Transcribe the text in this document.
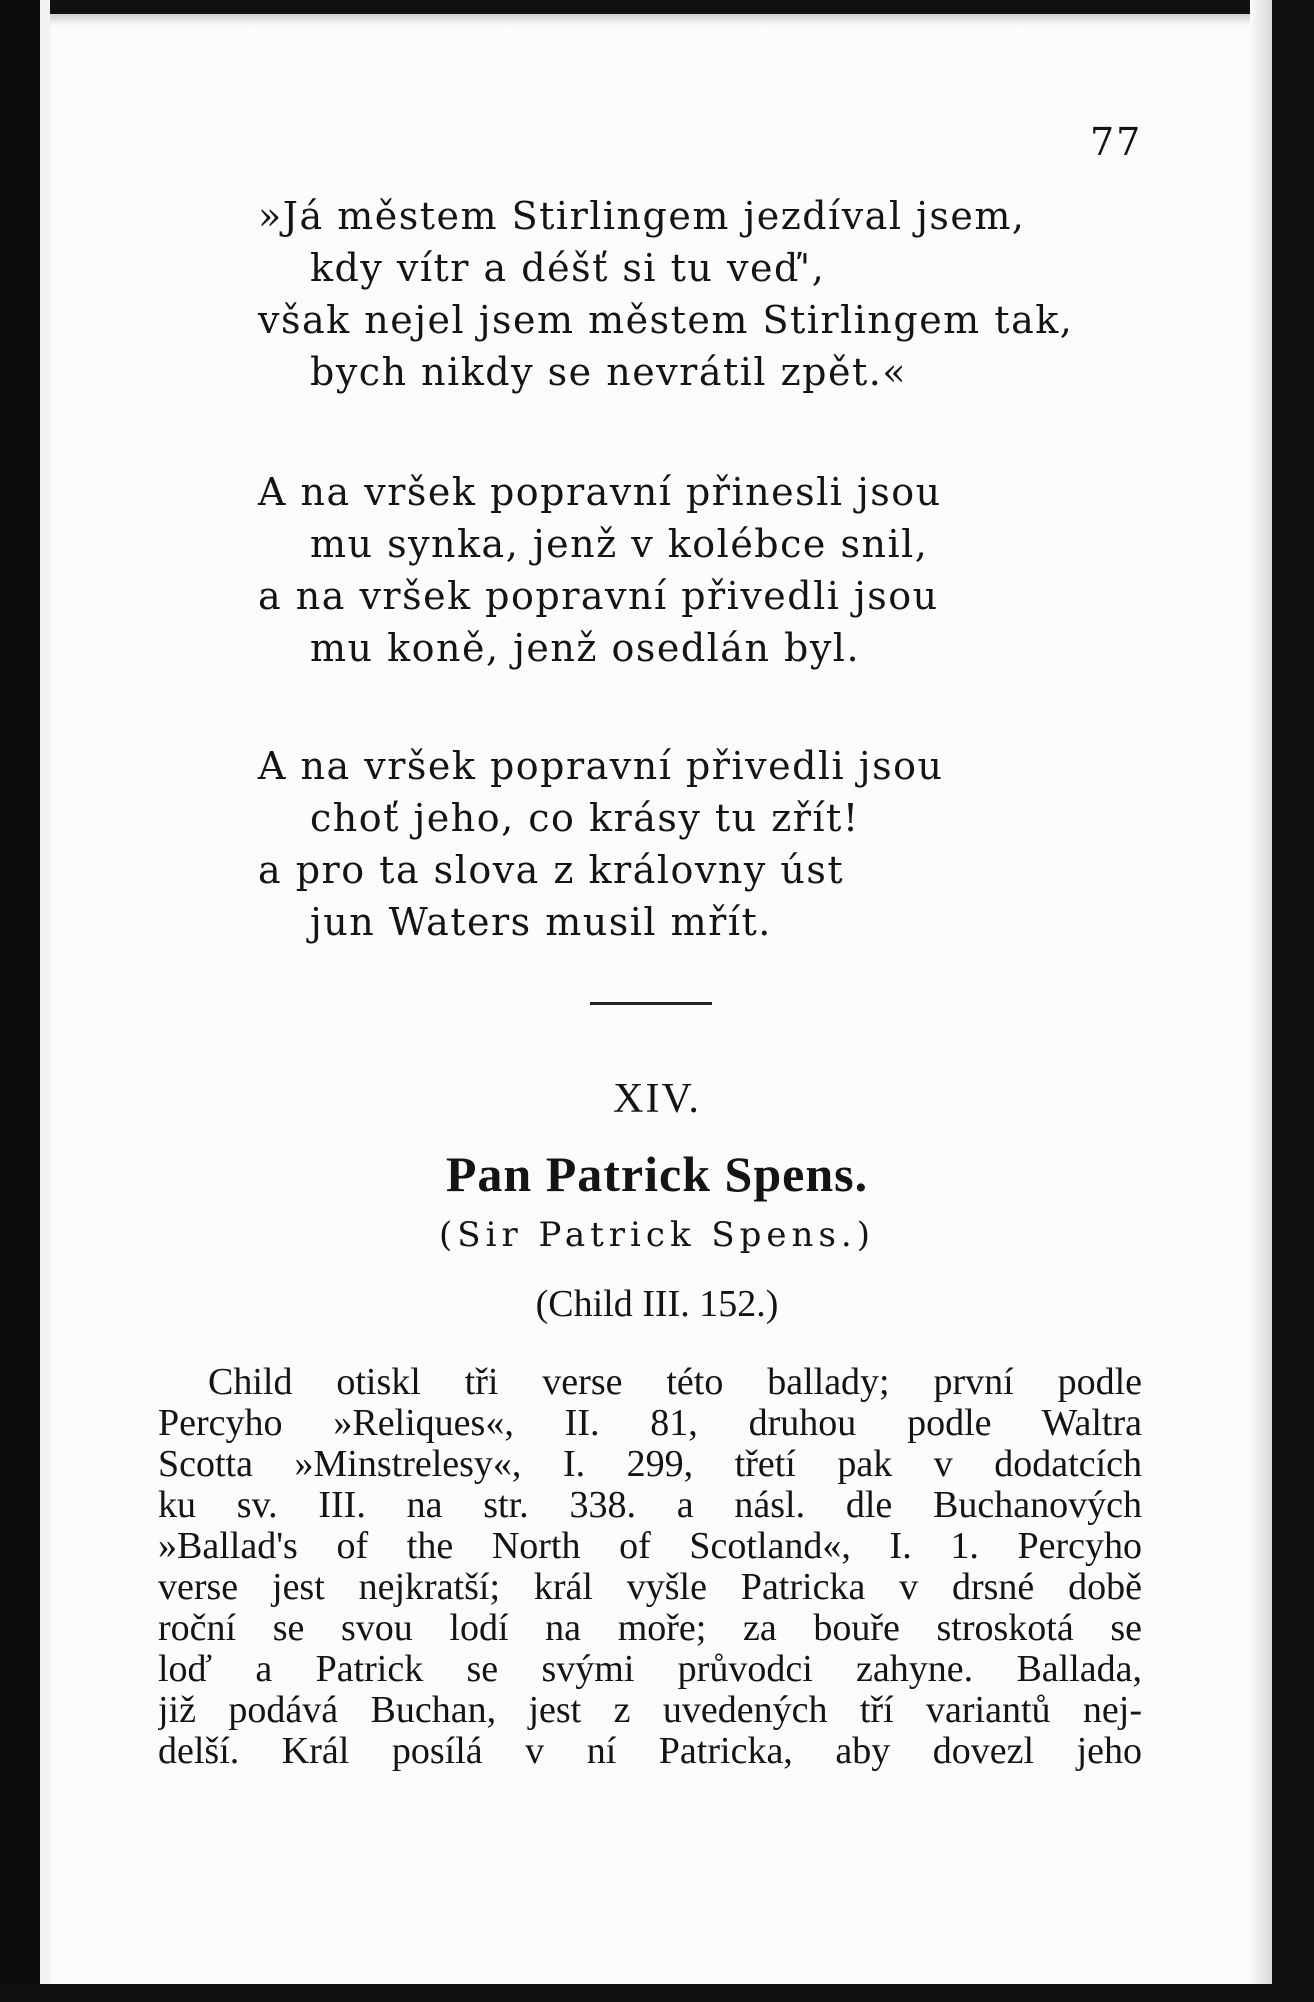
77
»Já městem Stirlingem jezdíval jsem,
kdy vítr a déšť si tu veď',
však nejel jsem městem Stirlingem tak,
bych nikdy se nevrátil zpět.«
A na vršek popravní přinesli jsou
mu synka, jenž v kolébce snil,
a na vršek popravní přivedli jsou
mu koně, jenž osedlán byl.
A na vršek popravní přivedli jsou
choť jeho, co krásy tu zřít!
a pro ta slova z královny úst
jun Waters musil mřít.
XIV.
Pan Patrick Spens.
(Sir Patrick Spens.)
(Child III. 152.)
Child otiskl tři verse této ballady; první podle
Percyho »Reliques«, II. 81, druhou podle Waltra
Scotta »Minstrelesy«, I. 299, třetí pak v dodatcích
ku sv. III. na str. 338. a násl. dle Buchanových
»Ballad's of the North of Scotland«, I. 1. Percyho
verse jest nejkratší; král vyšle Patricka v drsné době
roční se svou lodí na moře; za bouře stroskotá se
loď a Patrick se svými průvodci zahyne. Ballada,
již podává Buchan, jest z uvedených tří variantů nej-
delší. Král posílá v ní Patricka, aby dovezl jeho
